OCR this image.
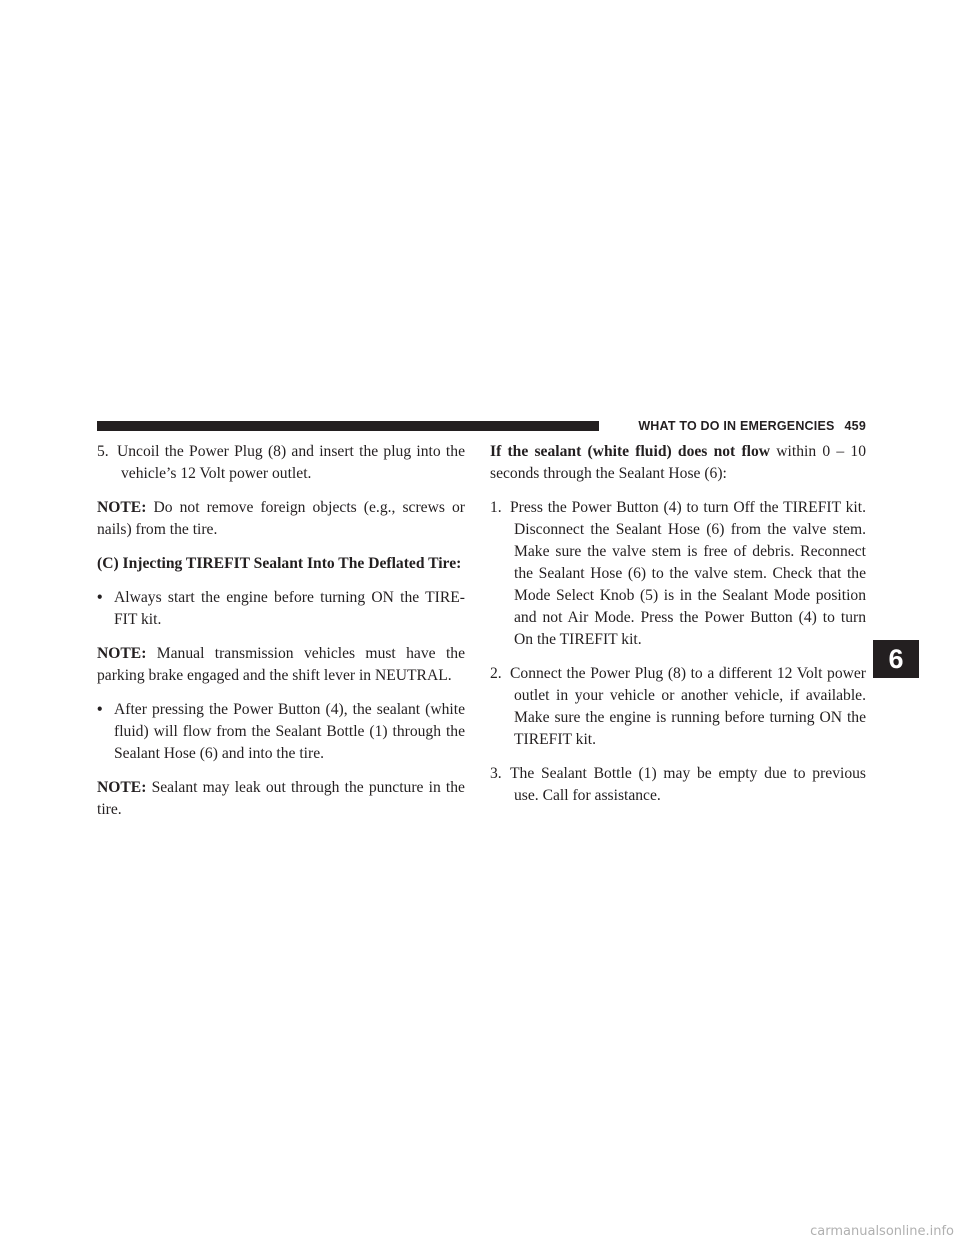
WHAT TO DO IN EMERGENCIES 459

5. Uncoil the Power Plug (8) and insert the plug into the vehicle’s 12 Volt power outlet.

NOTE: Do not remove foreign objects (e.g., screws or nails) from the tire.

(C) Injecting TIREFIT Sealant Into The Deflated Tire:

• Always start the engine before turning ON the TIRE-FIT kit.

NOTE: Manual transmission vehicles must have the parking brake engaged and the shift lever in NEUTRAL.

• After pressing the Power Button (4), the sealant (white fluid) will flow from the Sealant Bottle (1) through the Sealant Hose (6) and into the tire.

NOTE: Sealant may leak out through the puncture in the tire.

If the sealant (white fluid) does not flow within 0 – 10 seconds through the Sealant Hose (6):

1. Press the Power Button (4) to turn Off the TIREFIT kit. Disconnect the Sealant Hose (6) from the valve stem. Make sure the valve stem is free of debris. Reconnect the Sealant Hose (6) to the valve stem. Check that the Mode Select Knob (5) is in the Sealant Mode position and not Air Mode. Press the Power Button (4) to turn On the TIREFIT kit.

2. Connect the Power Plug (8) to a different 12 Volt power outlet in your vehicle or another vehicle, if available. Make sure the engine is running before turning ON the TIREFIT kit.

3. The Sealant Bottle (1) may be empty due to previous use. Call for assistance.

6
carmanualsonline.info
